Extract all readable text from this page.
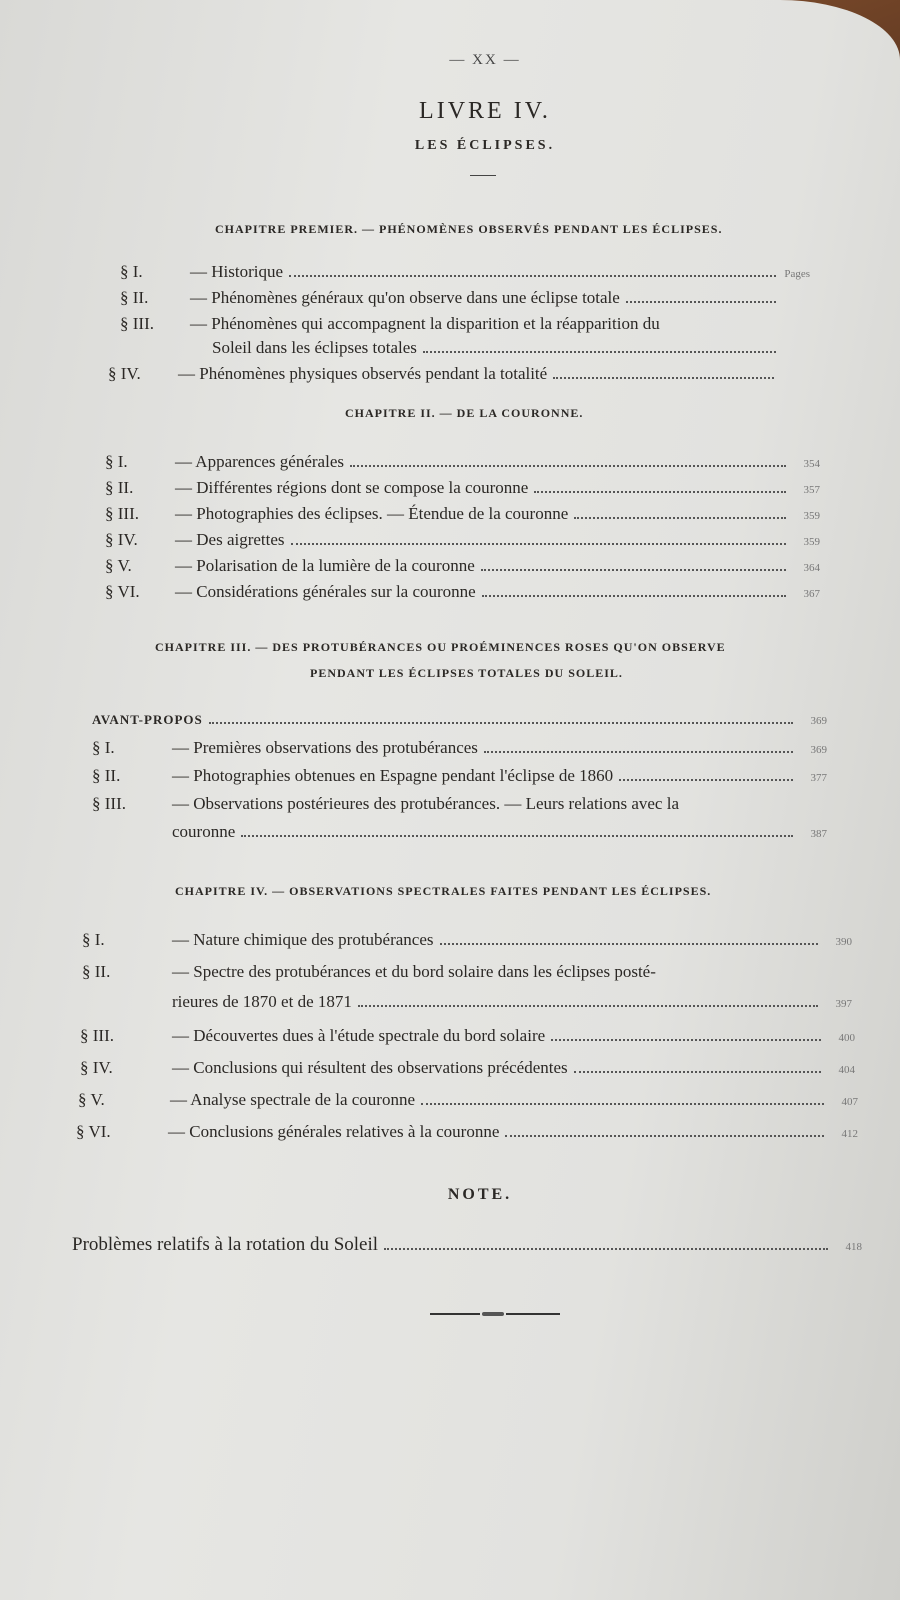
— XX —
LIVRE IV.
LES ÉCLIPSES.
CHAPITRE PREMIER. — PHÉNOMÈNES OBSERVÉS PENDANT LES ÉCLIPSES.
§ I.	— Historique	Pages
§ II.	— Phénomènes généraux qu'on observe dans une éclipse totale
§ III.	— Phénomènes qui accompagnent la disparition et la réapparition du
Soleil dans les éclipses totales
§ IV.	— Phénomènes physiques observés pendant la totalité
CHAPITRE II. — DE LA COURONNE.
§ I.	— Apparences générales	354
§ II.	— Différentes régions dont se compose la couronne	357
§ III.	— Photographies des éclipses. — Étendue de la couronne	359
§ IV.	— Des aigrettes	359
§ V.	— Polarisation de la lumière de la couronne	364
§ VI.	— Considérations générales sur la couronne	367
CHAPITRE III. — DES PROTUBÉRANCES OU PROÉMINENCES ROSES QU'ON OBSERVE
PENDANT LES ÉCLIPSES TOTALES DU SOLEIL.
AVANT-PROPOS	369
§ I.	— Premières observations des protubérances	369
§ II.	— Photographies obtenues en Espagne pendant l'éclipse de 1860	377
§ III.	— Observations postérieures des protubérances. — Leurs relations avec la
couronne	387
CHAPITRE IV. — OBSERVATIONS SPECTRALES FAITES PENDANT LES ÉCLIPSES.
§ I.	— Nature chimique des protubérances	390
§ II.	— Spectre des protubérances et du bord solaire dans les éclipses posté-
rieures de 1870 et de 1871	397
§ III.	— Découvertes dues à l'étude spectrale du bord solaire	400
§ IV.	— Conclusions qui résultent des observations précédentes	404
§ V.	— Analyse spectrale de la couronne	407
§ VI.	— Conclusions générales relatives à la couronne	412
NOTE.
Problèmes relatifs à la rotation du Soleil	418
